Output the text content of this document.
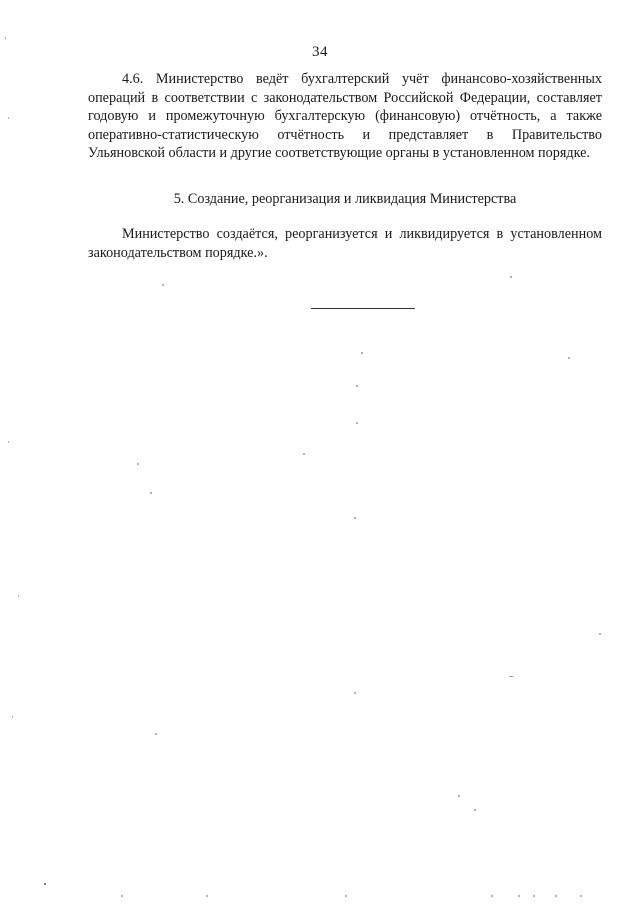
34

4.6. Министерство ведёт бухгалтерский учёт финансово-хозяйственных операций в соответствии с законодательством Российской Федерации, составляет годовую и промежуточную бухгалтерскую (финансовую) отчётность, а также оперативно-статистическую отчётность и представляет в Правительство Ульяновской области и другие соответствующие органы в установленном порядке.

5. Создание, реорганизация и ликвидация Министерства

Министерство создаётся, реорганизуется и ликвидируется в установленном законодательством порядке.».
